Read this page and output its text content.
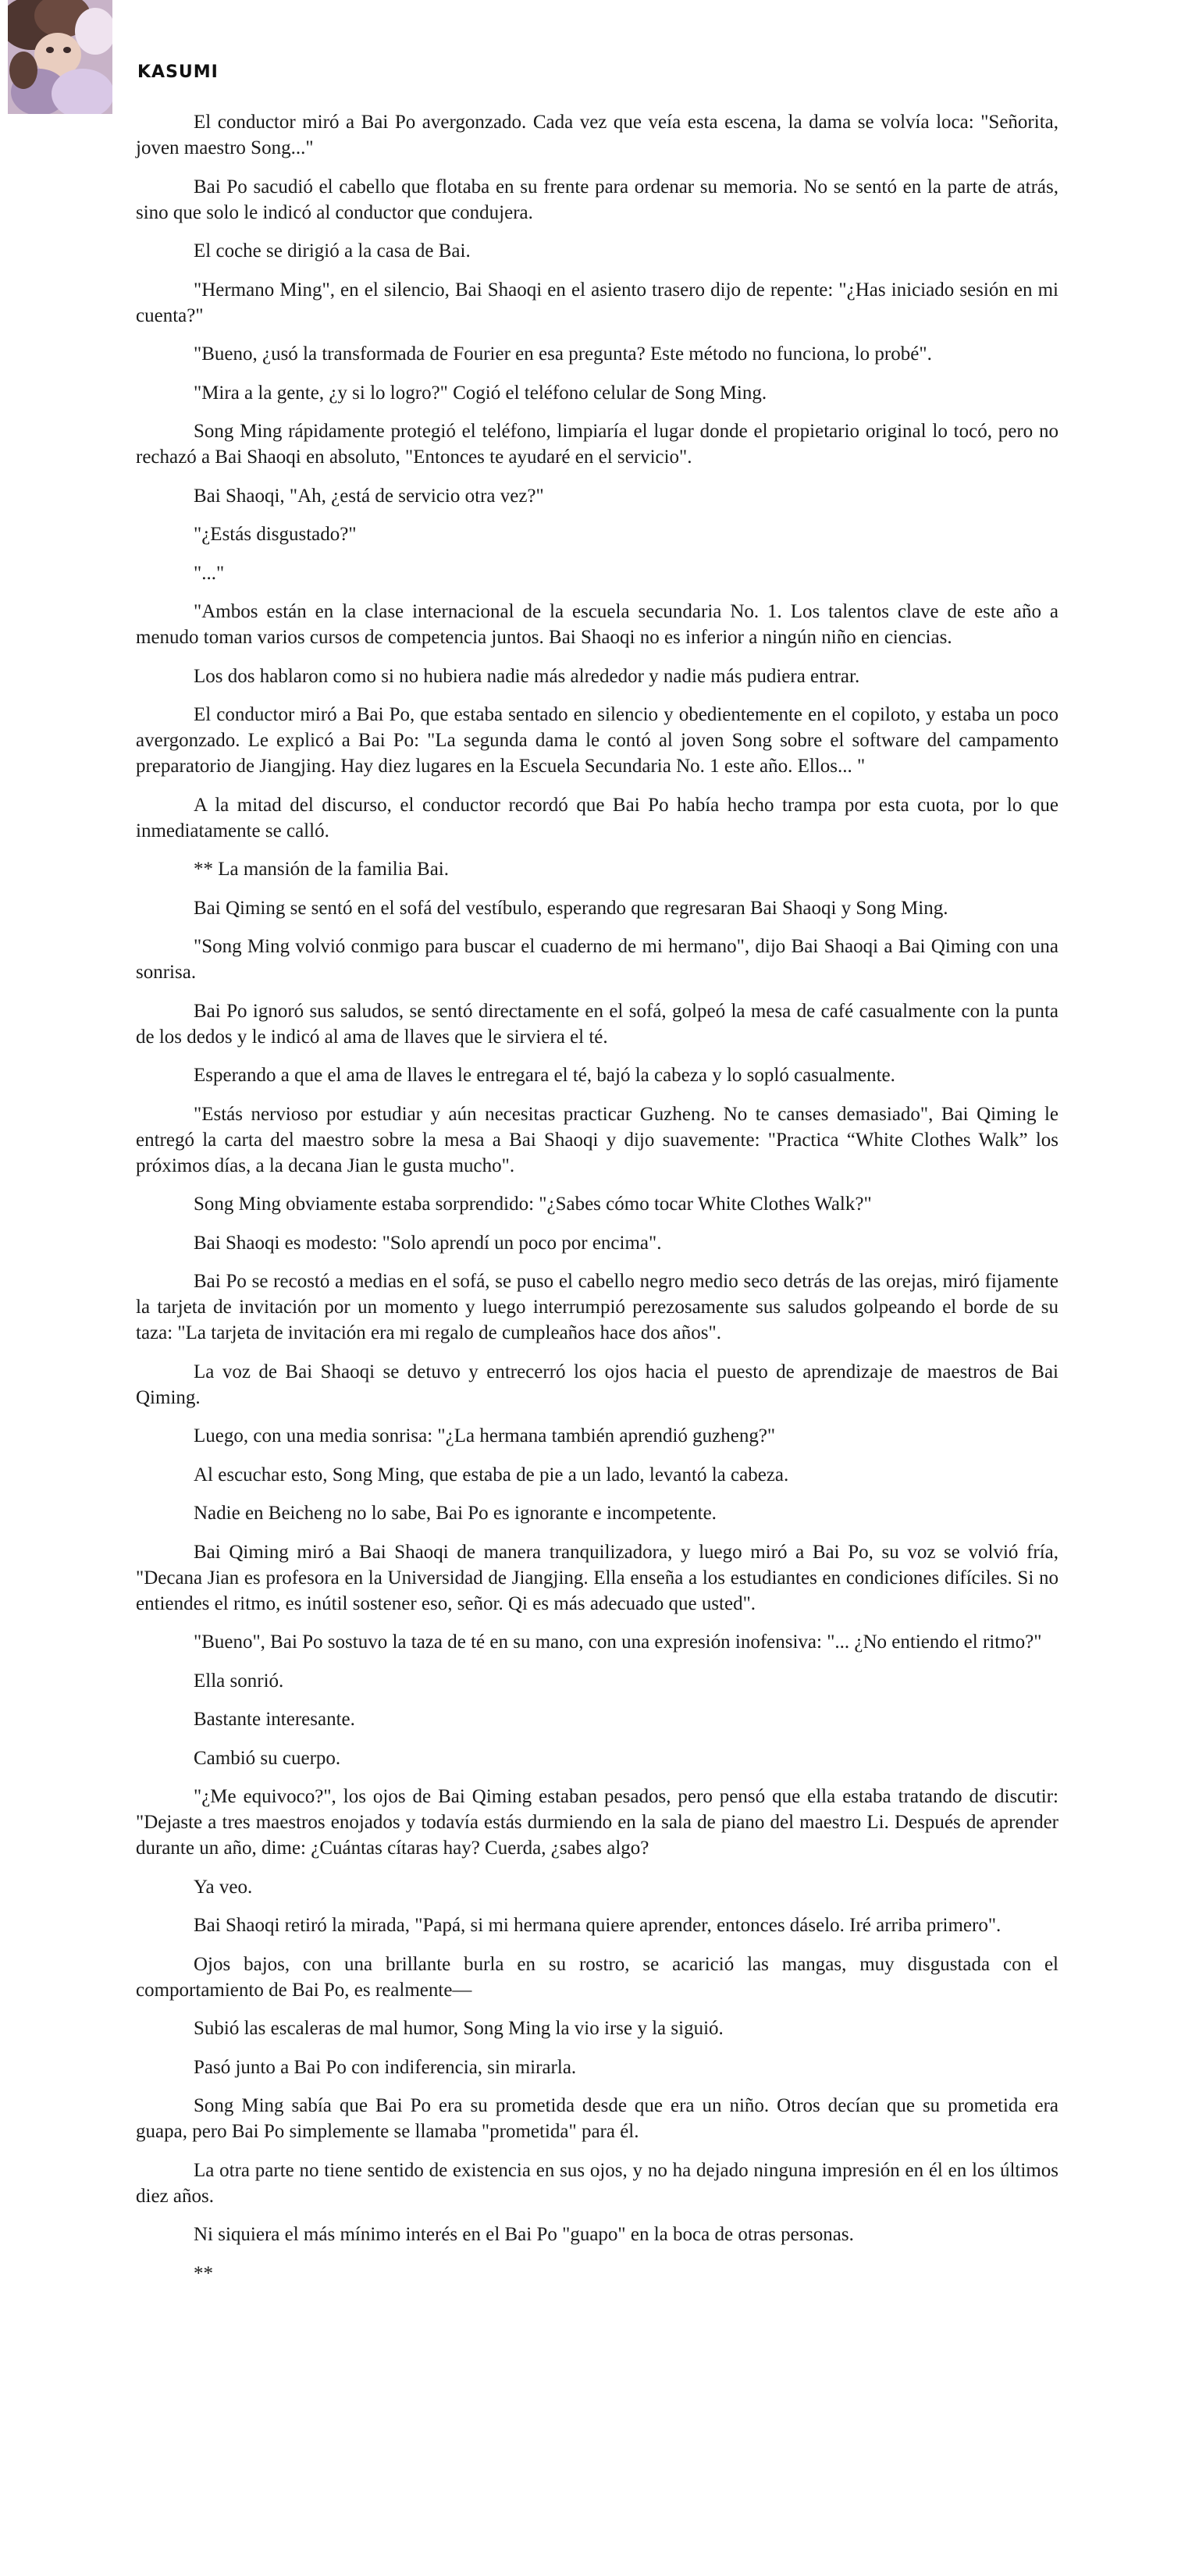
KASUMI

El conductor miró a Bai Po avergonzado. Cada vez que veía esta escena, la dama se volvía loca: "Señorita, joven maestro Song..."

Bai Po sacudió el cabello que flotaba en su frente para ordenar su memoria. No se sentó en la parte de atrás, sino que solo le indicó al conductor que condujera.

El coche se dirigió a la casa de Bai.

"Hermano Ming", en el silencio, Bai Shaoqi en el asiento trasero dijo de repente: "¿Has iniciado sesión en mi cuenta?"

"Bueno, ¿usó la transformada de Fourier en esa pregunta? Este método no funciona, lo probé".

"Mira a la gente, ¿y si lo logro?" Cogió el teléfono celular de Song Ming.

Song Ming rápidamente protegió el teléfono, limpiaría el lugar donde el propietario original lo tocó, pero no rechazó a Bai Shaoqi en absoluto, "Entonces te ayudaré en el servicio".

Bai Shaoqi, "Ah, ¿está de servicio otra vez?"

"¿Estás disgustado?"

"..."

"Ambos están en la clase internacional de la escuela secundaria No. 1. Los talentos clave de este año a menudo toman varios cursos de competencia juntos. Bai Shaoqi no es inferior a ningún niño en ciencias.

Los dos hablaron como si no hubiera nadie más alrededor y nadie más pudiera entrar.

El conductor miró a Bai Po, que estaba sentado en silencio y obedientemente en el copiloto, y estaba un poco avergonzado. Le explicó a Bai Po: "La segunda dama le contó al joven Song sobre el software del campamento preparatorio de Jiangjing. Hay diez lugares en la Escuela Secundaria No. 1 este año. Ellos... "

A la mitad del discurso, el conductor recordó que Bai Po había hecho trampa por esta cuota, por lo que inmediatamente se calló.

** La mansión de la familia Bai.

Bai Qiming se sentó en el sofá del vestíbulo, esperando que regresaran Bai Shaoqi y Song Ming.

"Song Ming volvió conmigo para buscar el cuaderno de mi hermano", dijo Bai Shaoqi a Bai Qiming con una sonrisa.

Bai Po ignoró sus saludos, se sentó directamente en el sofá, golpeó la mesa de café casualmente con la punta de los dedos y le indicó al ama de llaves que le sirviera el té.

Esperando a que el ama de llaves le entregara el té, bajó la cabeza y lo sopló casualmente.

"Estás nervioso por estudiar y aún necesitas practicar Guzheng. No te canses demasiado", Bai Qiming le entregó la carta del maestro sobre la mesa a Bai Shaoqi y dijo suavemente: "Practica “White Clothes Walk” los próximos días, a la decana Jian le gusta mucho".

Song Ming obviamente estaba sorprendido: "¿Sabes cómo tocar White Clothes Walk?"

Bai Shaoqi es modesto: "Solo aprendí un poco por encima".

Bai Po se recostó a medias en el sofá, se puso el cabello negro medio seco detrás de las orejas, miró fijamente la tarjeta de invitación por un momento y luego interrumpió perezosamente sus saludos golpeando el borde de su taza: "La tarjeta de invitación era mi regalo de cumpleaños hace dos años".

La voz de Bai Shaoqi se detuvo y entrecerró los ojos hacia el puesto de aprendizaje de maestros de Bai Qiming.

Luego, con una media sonrisa: "¿La hermana también aprendió guzheng?"

Al escuchar esto, Song Ming, que estaba de pie a un lado, levantó la cabeza.

Nadie en Beicheng no lo sabe, Bai Po es ignorante e incompetente.

Bai Qiming miró a Bai Shaoqi de manera tranquilizadora, y luego miró a Bai Po, su voz se volvió fría, "Decana Jian es profesora en la Universidad de Jiangjing. Ella enseña a los estudiantes en condiciones difíciles. Si no entiendes el ritmo, es inútil sostener eso, señor. Qi es más adecuado que usted".

"Bueno", Bai Po sostuvo la taza de té en su mano, con una expresión inofensiva: "... ¿No entiendo el ritmo?"

Ella sonrió.

Bastante interesante.

Cambió su cuerpo.

"¿Me equivoco?", los ojos de Bai Qiming estaban pesados, pero pensó que ella estaba tratando de discutir: "Dejaste a tres maestros enojados y todavía estás durmiendo en la sala de piano del maestro Li. Después de aprender durante un año, dime: ¿Cuántas cítaras hay? Cuerda, ¿sabes algo?

Ya veo.

Bai Shaoqi retiró la mirada, "Papá, si mi hermana quiere aprender, entonces dáselo. Iré arriba primero".

Ojos bajos, con una brillante burla en su rostro, se acarició las mangas, muy disgustada con el comportamiento de Bai Po, es realmente—

Subió las escaleras de mal humor, Song Ming la vio irse y la siguió.

Pasó junto a Bai Po con indiferencia, sin mirarla.

Song Ming sabía que Bai Po era su prometida desde que era un niño. Otros decían que su prometida era guapa, pero Bai Po simplemente se llamaba "prometida" para él.

La otra parte no tiene sentido de existencia en sus ojos, y no ha dejado ninguna impresión en él en los últimos diez años.

Ni siquiera el más mínimo interés en el Bai Po "guapo" en la boca de otras personas.

**
